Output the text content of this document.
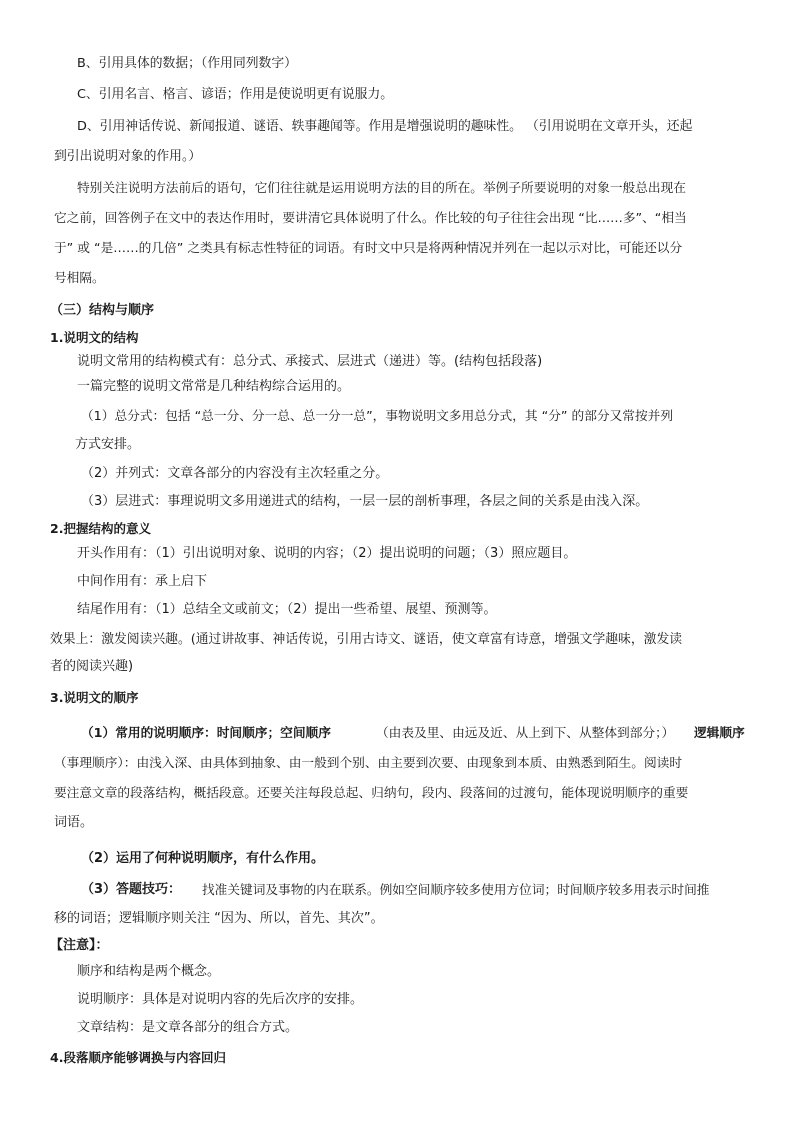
B、引用具体的数据；（作用同列数字）
C、引用名言、格言、谚语；作用是使说明更有说服力。
D、引用神话传说、新闻报道、谜语、轶事趣闻等。作用是增强说明的趣味性。 （引用说明在文章开头，还起
到引出说明对象的作用。）
特别关注说明方法前后的语句，它们往往就是运用说明方法的目的所在。举例子所要说明的对象一般总出现在
它之前，回答例子在文中的表达作用时，要讲清它具体说明了什么。作比较的句子往往会出现 “比……多”、“相当
于” 或 “是……的几倍” 之类具有标志性特征的词语。有时文中只是将两种情况并列在一起以示对比，可能还以分
号相隔。
（三）结构与顺序
1.说明文的结构
说明文常用的结构模式有：总分式、承接式、层进式（递进）等。(结构包括段落)
一篇完整的说明文常常是几种结构综合运用的。
（1）总分式：包括 “总一分、分一总、总一分一总”，事物说明文多用总分式，其 “分” 的部分又常按并列
方式安排。
（2）并列式：文章各部分的内容没有主次轻重之分。
（3）层进式：事理说明文多用递进式的结构，一层一层的剖析事理，各层之间的关系是由浅入深。
2.把握结构的意义
开头作用有：（1）引出说明对象、说明的内容；（2）提出说明的问题；（3）照应题目。
中间作用有：承上启下
结尾作用有：（1）总结全文或前文；（2）提出一些希望、展望、预测等。
效果上：激发阅读兴趣。(通过讲故事、神话传说，引用古诗文、谜语，使文章富有诗意，增强文学趣味，激发读
者的阅读兴趣)
3.说明文的顺序
（1）常用的说明顺序：时间顺序；空间顺序	（由表及里、由远及近、从上到下、从整体到部分；） 逻辑顺序
（事理顺序）：由浅入深、由具体到抽象、由一般到个别、由主要到次要、由现象到本质、由熟悉到陌生。阅读时
要注意文章的段落结构，概括段意。还要关注每段总起、归纳句，段内、段落间的过渡句，能体现说明顺序的重要
词语。
（2）运用了何种说明顺序，有什么作用。
（3）答题技巧： 找准关键词及事物的内在联系。例如空间顺序较多使用方位词；时间顺序较多用表示时间推
移的词语；逻辑顺序则关注 “因为、所以，首先、其次”。
【注意】：
顺序和结构是两个概念。
说明顺序：具体是对说明内容的先后次序的安排。
文章结构：是文章各部分的组合方式。
4.段落顺序能够调换与内容回归
